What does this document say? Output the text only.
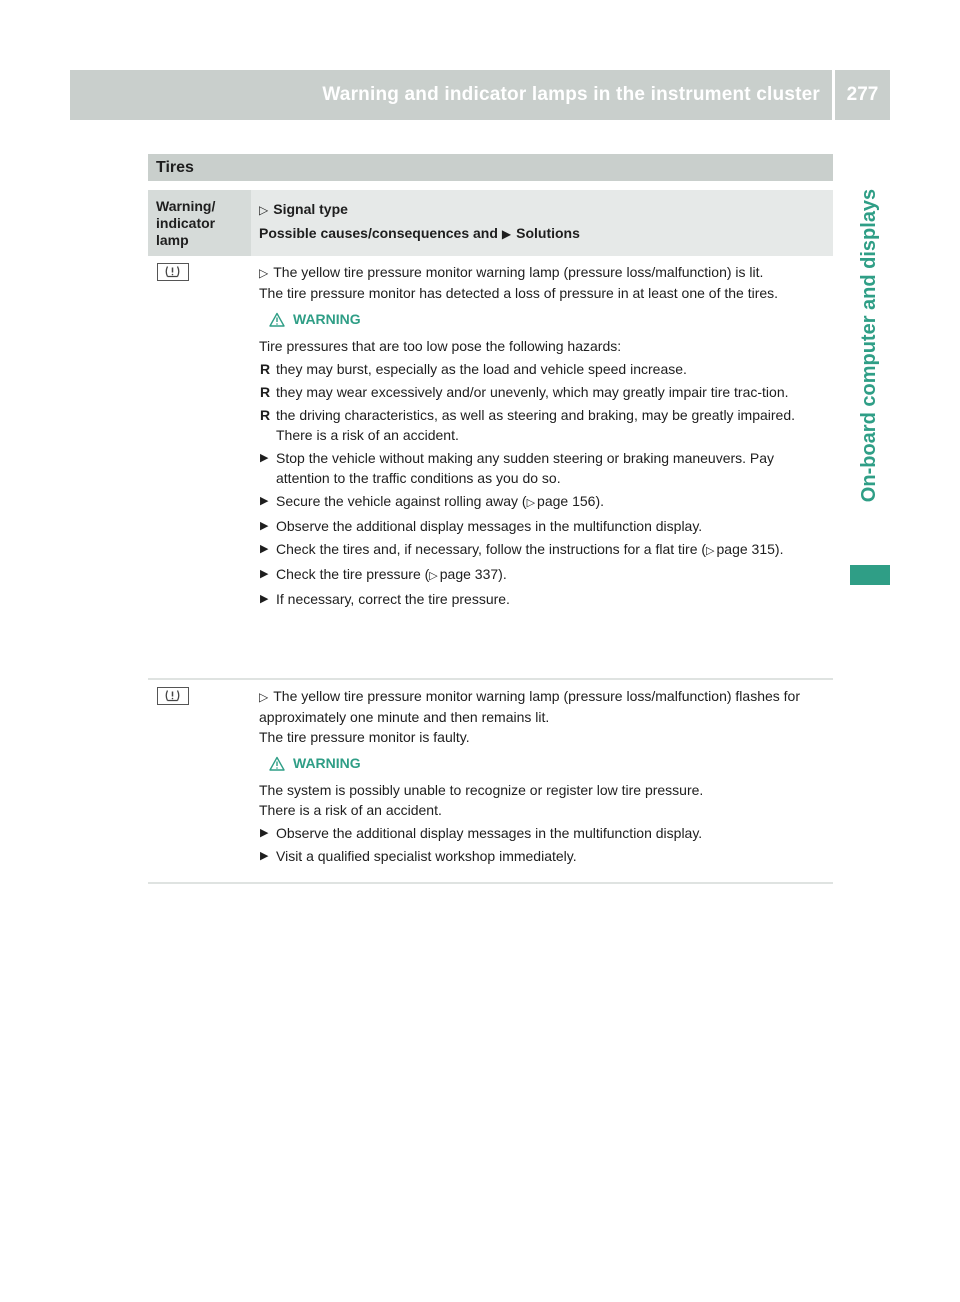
Warning and indicator lamps in the instrument cluster	277
On-board computer and displays
Tires
Warning/
indicator
lamp
▷ Signal type
Possible causes/consequences and ▶ Solutions

▷ The yellow tire pressure monitor warning lamp (pressure loss/malfunction) is lit.

The tire pressure monitor has detected a loss of pressure in at least one of the tires.

WARNING

Tire pressures that are too low pose the following hazards:

R they may burst, especially as the load and vehicle speed increase.
R they may wear excessively and/or unevenly, which may greatly impair tire trac-tion.
R the driving characteristics, as well as steering and braking, may be greatly impaired.
There is a risk of an accident.
▶ Stop the vehicle without making any sudden steering or braking maneuvers. Pay attention to the traffic conditions as you do so.
▶ Secure the vehicle against rolling away (▷ page 156).
▶ Observe the additional display messages in the multifunction display.
▶ Check the tires and, if necessary, follow the instructions for a flat tire (▷ page 315).
▶ Check the tire pressure (▷ page 337).
▶ If necessary, correct the tire pressure.

▷ The yellow tire pressure monitor warning lamp (pressure loss/malfunction) flashes for approximately one minute and then remains lit.

The tire pressure monitor is faulty.

WARNING

The system is possibly unable to recognize or register low tire pressure.

There is a risk of an accident.

▶ Observe the additional display messages in the multifunction display.
▶ Visit a qualified specialist workshop immediately.
